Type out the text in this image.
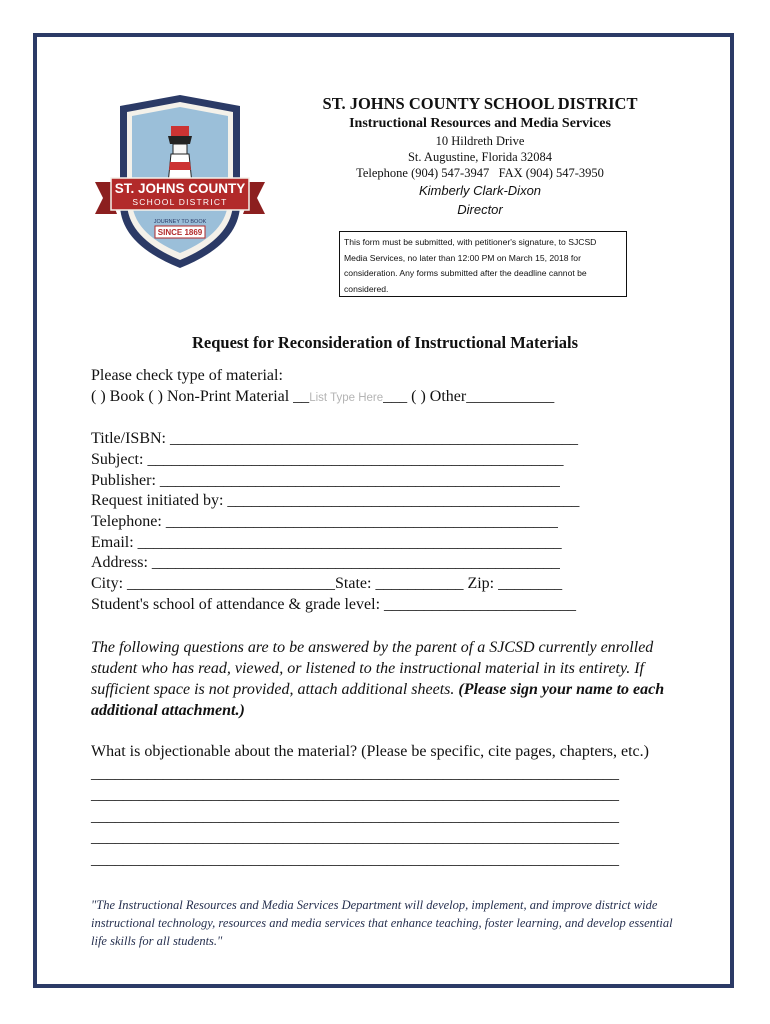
ST. JOHNS COUNTY
SCHOOL DISTRICT
JOURNEY TO BOOK
SINCE 1869
ST. JOHNS COUNTY SCHOOL DISTRICT
Instructional Resources and Media Services
10 Hildreth Drive
St. Augustine, Florida 32084
Telephone (904) 547-3947   FAX (904) 547-3950
Kimberly Clark-Dixon
Director
This form must be submitted, with petitioner's signature, to SJCSD Media Services, no later than 12:00 PM on March 15, 2018 for consideration. Any forms submitted after the deadline cannot be considered.
Request for Reconsideration of Instructional Materials
Please check type of material:
( ) Book ( ) Non-Print Material __List Type Here___ ( ) Other___________
Title/ISBN: ___________________________________________________
Subject: ____________________________________________________
Publisher: __________________________________________________
Request initiated by: ____________________________________________
Telephone: _________________________________________________
Email: _____________________________________________________
Address: ___________________________________________________
City: __________________________State: ___________ Zip: ________
Student's school of attendance & grade level: ________________________
The following questions are to be answered by the parent of a SJCSD currently enrolled student who has read, viewed, or listened to the instructional material in its entirety. If sufficient space is not provided, attach additional sheets. (Please sign your name to each additional attachment.)
What is objectionable about the material? (Please be specific, cite pages, chapters, etc.)
__________________________________________________________________
__________________________________________________________________
__________________________________________________________________
__________________________________________________________________
__________________________________________________________________
"The Instructional Resources and Media Services Department will develop, implement, and improve district wide instructional technology, resources and media services that enhance teaching, foster learning, and develop essential life skills for all students."
